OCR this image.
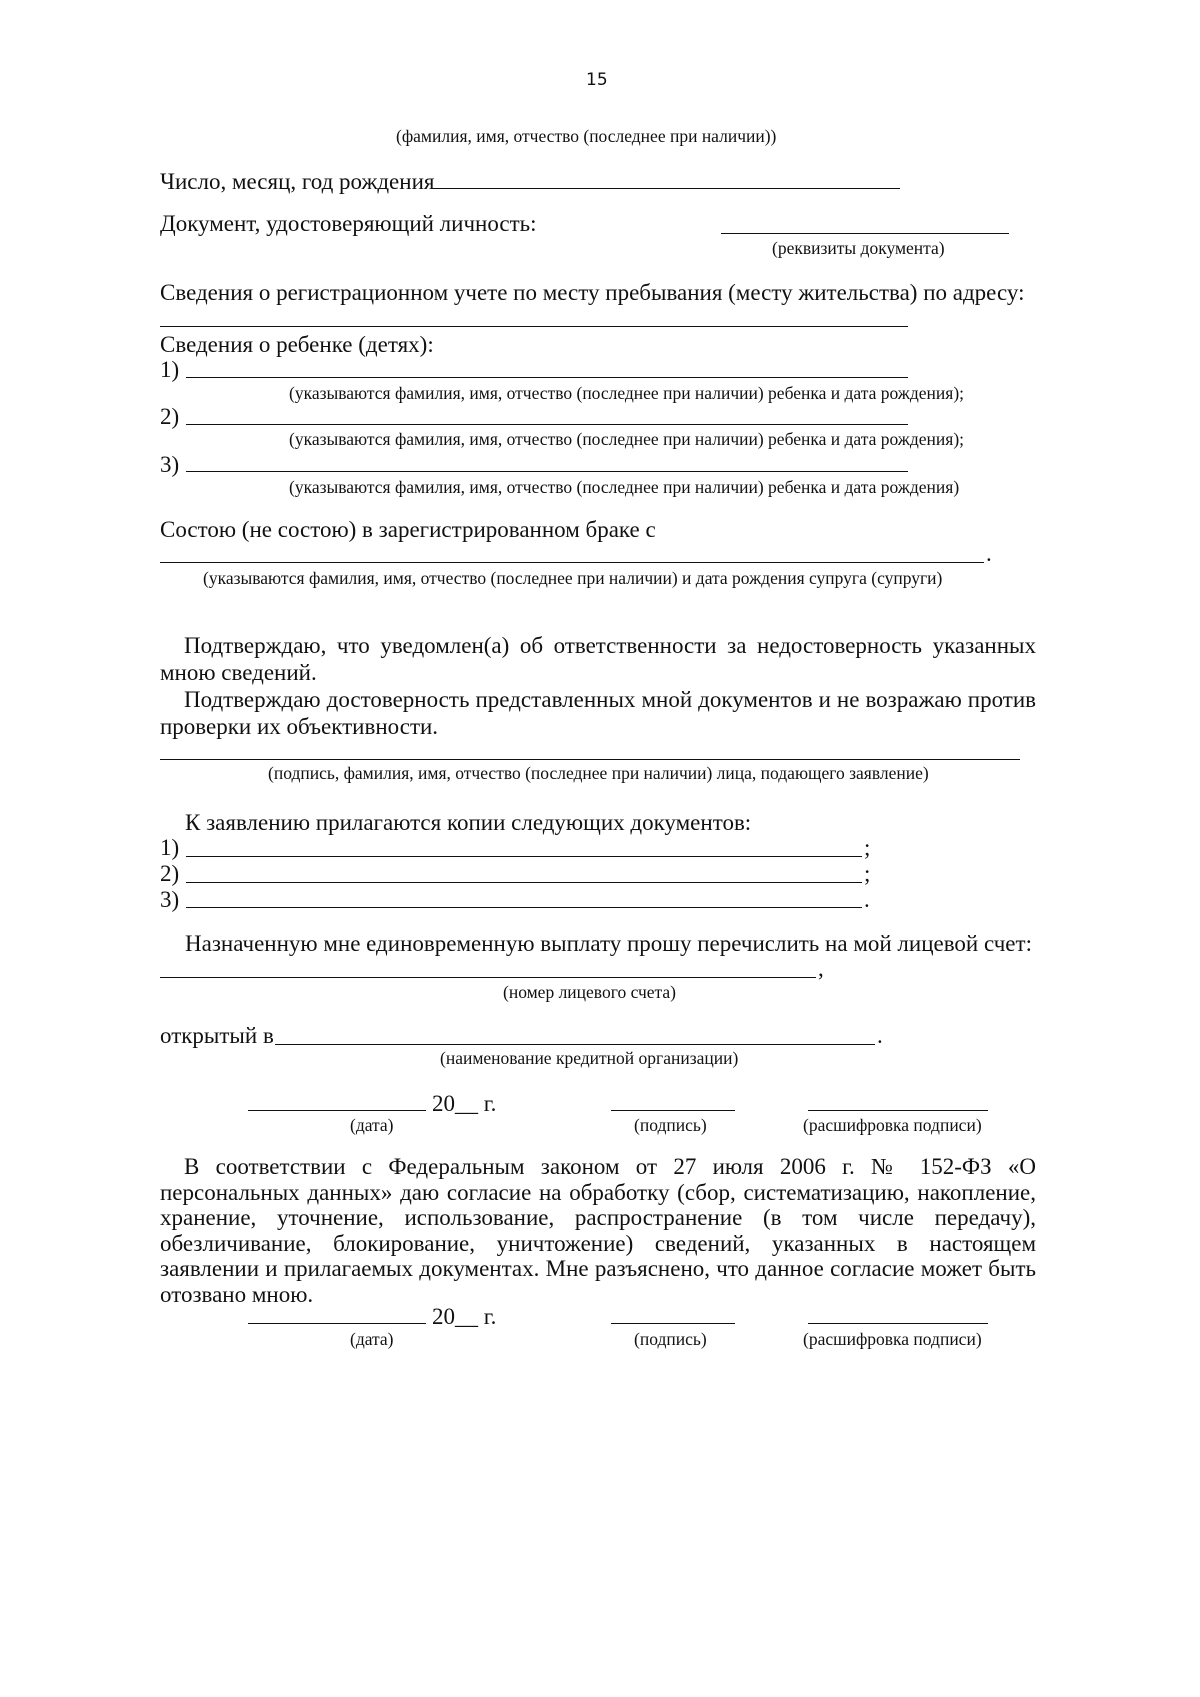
15
(фамилия, имя, отчество (последнее при наличии))
Число, месяц, год рождения
Документ, удостоверяющий личность:
(реквизиты документа)
Сведения о регистрационном учете по месту пребывания (месту жительства) по адресу:
Сведения о ребенке (детях):
1)
(указываются фамилия, имя, отчество (последнее при наличии) ребенка и дата рождения);
2)
(указываются фамилия, имя, отчество (последнее при наличии) ребенка и дата рождения);
3)
(указываются фамилия, имя, отчество (последнее при наличии) ребенка и дата рождения)
Состою (не состою) в зарегистрированном браке с
.
(указываются фамилия, имя, отчество (последнее при наличии) и дата рождения супруга (супруги)

Подтверждаю, что уведомлен(а) об ответственности за недостоверность указанных мною сведений.

Подтверждаю достоверность представленных мной документов и не возражаю против проверки их объективности.

(подпись, фамилия, имя, отчество (последнее при наличии) лица, подающего заявление)
К заявлению прилагаются копии следующих документов:
1)	;
2)	;
3)	.
Назначенную мне единовременную выплату прошу перечислить на мой лицевой счет:
,
(номер лицевого счета)
открытый в	.
(наименование кредитной организации)
20__ г.
(дата)	(подпись)	(расшифровка подписи)

В соответствии с Федеральным законом от 27 июля 2006 г. № 152-ФЗ «О персональных данных» даю согласие на обработку (сбор, систематизацию, накопление, хранение, уточнение, использование, распространение (в том числе передачу), обезличивание, блокирование, уничтожение) сведений, указанных в настоящем заявлении и прилагаемых документах. Мне разъяснено, что данное согласие может быть отозвано мною.

20__ г.
(дата)	(подпись)	(расшифровка подписи)
